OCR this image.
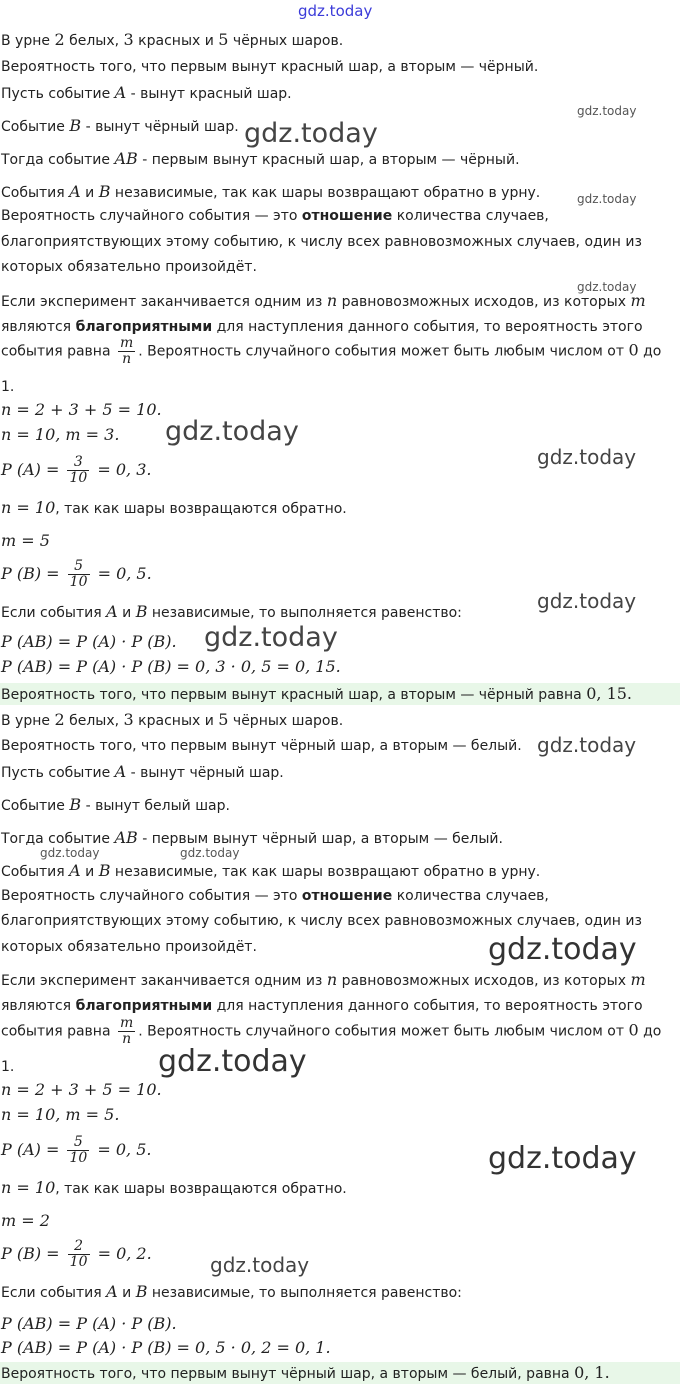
gdz.today
gdz.today
gdz.today
gdz.today
gdz.today
gdz.today
gdz.today
gdz.today
gdz.today
gdz.today
gdz.today	gdz.today
gdz.today
gdz.today
gdz.today
gdz.today
В урне 2 белых, 3 красных и 5 чёрных шаров.
Вероятность того, что первым вынут красный шар, а вторым — чёрный.
Пусть событие A - вынут красный шар.
Событие B - вынут чёрный шар.
Тогда событие AB - первым вынут красный шар, а вторым — чёрный.
События A и B независимые, так как шары возвращают обратно в урну.
Вероятность случайного события — это отношение количества случаев,
благоприятствующих этому событию, к числу всех равновозможных случаев, один из
которых обязательно произойдёт.
Если эксперимент заканчивается одним из n равновозможных исходов, из которых m
являются благоприятными для наступления данного события, то вероятность этого
события равна $\frac{m}{n}$ . Вероятность случайного события может быть любым числом от 0 до
1.
n = 2 + 3 + 5 = 10.
n = 10, m = 3.
P $(A) = \frac{3}{10} = 0$, 3.
n = 10, так как шары возвращаются обратно.
m = 5
P $(B) = \frac{5}{10} = 0$, 5.
Если события A и B независимые, то выполняется равенство:
P (AB) = P (A) · P (B).
P (AB) = P (A) · P (B) = 0, 3 · 0, 5 = 0, 15.
Вероятность того, что первым вынут красный шар, а вторым — чёрный равна 0, 15.
В урне 2 белых, 3 красных и 5 чёрных шаров.
Вероятность того, что первым вынут чёрный шар, а вторым — белый.
Пусть событие A - вынут чёрный шар.
Событие B - вынут белый шар.
Тогда событие AB - первым вынут чёрный шар, а вторым — белый.
События A и B независимые, так как шары возвращают обратно в урну.
Вероятность случайного события — это отношение количества случаев,
благоприятствующих этому событию, к числу всех равновозможных случаев, один из
которых обязательно произойдёт.
Если эксперимент заканчивается одним из n равновозможных исходов, из которых m
являются благоприятными для наступления данного события, то вероятность этого
события равна $\frac{m}{n}$ . Вероятность случайного события может быть любым числом от 0 до
1.
n = 2 + 3 + 5 = 10.
n = 10, m = 5.
P $(A) = \frac{5}{10} = 0$, 5.
n = 10, так как шары возвращаются обратно.
m = 2
P $(B) = \frac{2}{10} = 0$, 2.
Если события A и B независимые, то выполняется равенство:
P (AB) = P (A) · P (B).
P (AB) = P (A) · P (B) = 0, 5 · 0, 2 = 0, 1.
Вероятность того, что первым вынут чёрный шар, а вторым — белый, равна 0, 1.
